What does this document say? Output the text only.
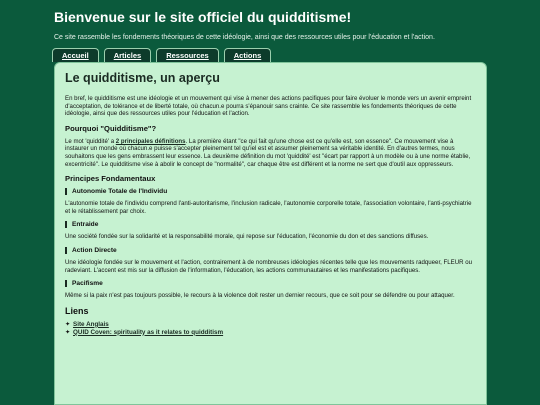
Bienvenue sur le site officiel du quidditisme!
Ce site rassemble les fondements théoriques de cette idéologie, ainsi que des ressources utiles pour l'éducation et l'action.
Accueil	Articles	Ressources	Actions
Le quidditisme, un aperçu

En bref, le quidditisme est une idéologie et un mouvement qui vise à mener des actions pacifiques pour faire évoluer le monde vers un avenir empreint d'acceptation, de tolérance et de liberté totale, où chacun.e pourra s'épanouir sans crainte. Ce site rassemble les fondements théoriques de cette idéologie, ainsi que des ressources utiles pour l'éducation et l'action.

Pourquoi "Quidditisme"?

Le mot 'quiddité' a 2 principales définitions. La première étant "ce qui fait qu'une chose est ce qu'elle est, son essence". Ce mouvement vise à instaurer un monde où chacun.e puisse s'accepter pleinement tel qu'iel est et assumer pleinement sa véritable identité. En d'autres termes, nous souhaitons que les gens embrassent leur essence. La deuxième définition du mot 'quiddité' est "écart par rapport à un modèle ou à une norme établie, excentricité". Le quidditisme vise à abolir le concept de "normalité", car chaque être est différent et la norme ne sert que d'outil aux oppresseurs.

Principes Fondamentaux
Autonomie Totale de l'Individu

L'autonomie totale de l'individu comprend l'anti-autoritarisme, l'inclusion radicale, l'autonomie corporelle totale, l'association volontaire, l'anti-psychiatrie et le rétablissement par choix.

Entraide

Une société fondée sur la solidarité et la responsabilité morale, qui repose sur l'éducation, l'économie du don et des sanctions diffuses.

Action Directe

Une idéologie fondée sur le mouvement et l'action, contrairement à de nombreuses idéologies récentes telle que les mouvements radqueer, FLEUR ou radeviant. L'accent est mis sur la diffusion de l'information, l'éducation, les actions communautaires et les manifestations pacifiques.

Pacifisme

Même si la paix n'est pas toujours possible, le recours à la violence doit rester un dernier recours, que ce soit pour se défendre ou pour attaquer.

Liens
✦ Site Anglais
✦ QUID Coven: spirituality as it relates to quidditism
